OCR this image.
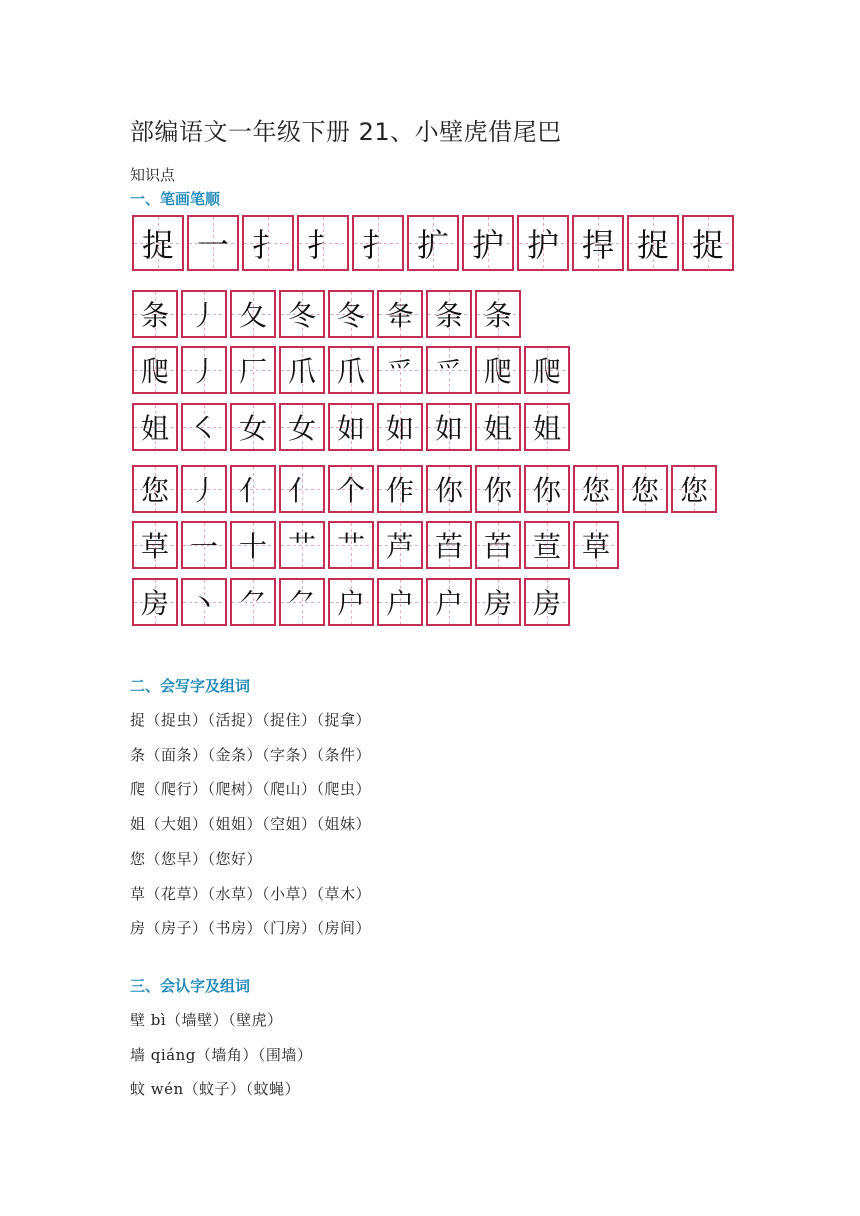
部编语文一年级下册 21、小壁虎借尾巴
知识点
一、笔画笔顺
捉 一 扌 扌 扌 扩 护 护 捍 捉 捉
条 丿 夂 冬 冬 夅 条 条
爬 丿 厂 爪 爪 爫 爫 爬 爬
姐 ㇛ 女 女 如 如 如 姐 姐
您 丿 亻 亻 个 作 你 你 你 您 您 您
草 一 十 艹 艹 芦 苩 苩 荁 草
房 丶 ⺈ ⺈ 户 户 户 房 房
二、会写字及组词
捉（捉虫）（活捉）（捉住）（捉拿）
条（面条）（金条）（字条）（条件）
爬（爬行）（爬树）（爬山）（爬虫）
姐（大姐）（姐姐）（空姐）（姐妹）
您（您早）（您好）
草（花草）（水草）（小草）（草木）
房（房子）（书房）（门房）（房间）
三、会认字及组词
壁 bì（墙壁）（壁虎）
墙 qiáng（墙角）（围墙）
蚊 wén（蚊子）（蚊蝇）
